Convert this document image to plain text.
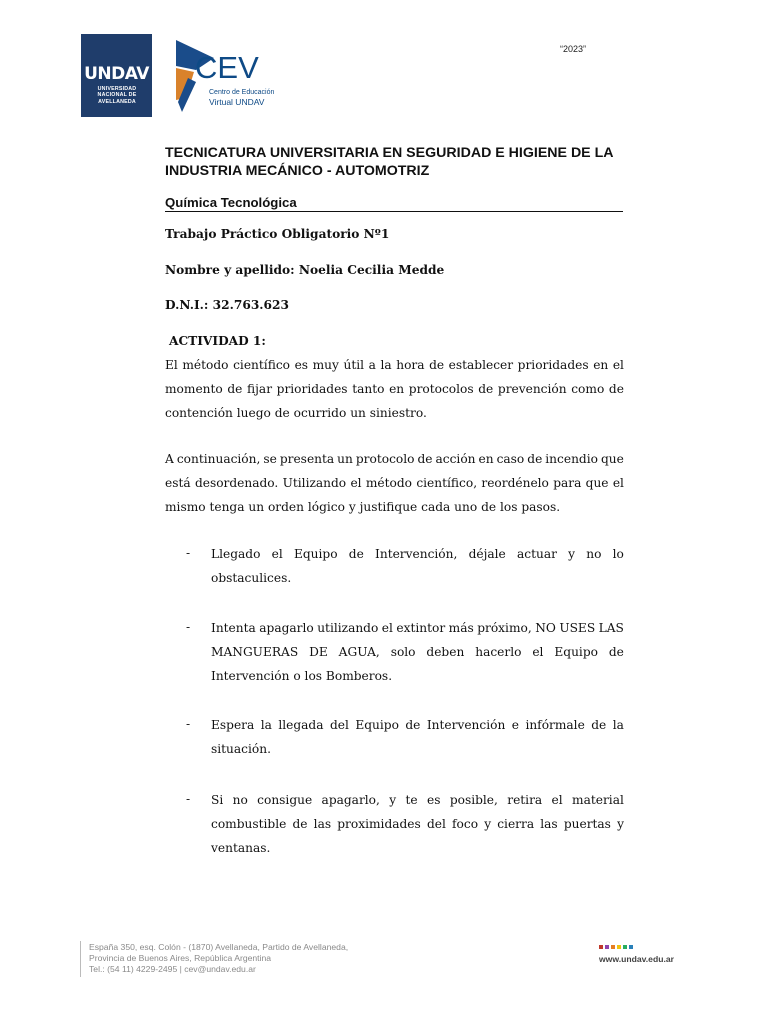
“2023”
UNDAV
UNIVERSIDAD
NACIONAL DE
AVELLANEDA
CEV
Centro de Educación
Virtual UNDAV
TECNICATURA UNIVERSITARIA EN SEGURIDAD E HIGIENE DE LA
INDUSTRIA MECÁNICO - AUTOMOTRIZ
Química Tecnológica
Trabajo Práctico Obligatorio Nº1
Nombre y apellido: Noelia Cecilia Medde
D.N.I.: 32.763.623
ACTIVIDAD 1:
El método científico es muy útil a la hora de establecer prioridades en el
momento de fijar prioridades tanto en protocolos de prevención como de
contención luego de ocurrido un siniestro.
A continuación, se presenta un protocolo de acción en caso de incendio que
está desordenado. Utilizando el método científico, reordénelo para que el
mismo tenga un orden lógico y justifique cada uno de los pasos.
- Llegado el Equipo de Intervención, déjale actuar y no lo
obstaculices.
- Intenta apagarlo utilizando el extintor más próximo, NO USES LAS
MANGUERAS DE AGUA, solo deben hacerlo el Equipo de
Intervención o los Bomberos.
- Espera la llegada del Equipo de Intervención e infórmale de la
situación.
- Si no consigue apagarlo, y te es posible, retira el material
combustible de las proximidades del foco y cierra las puertas y
ventanas.
España 350, esq. Colón - (1870) Avellaneda, Partido de Avellaneda,
Provincia de Buenos Aires, República Argentina
Tel.: (54 11) 4229-2495 | cev@undav.edu.ar
www.undav.edu.ar
